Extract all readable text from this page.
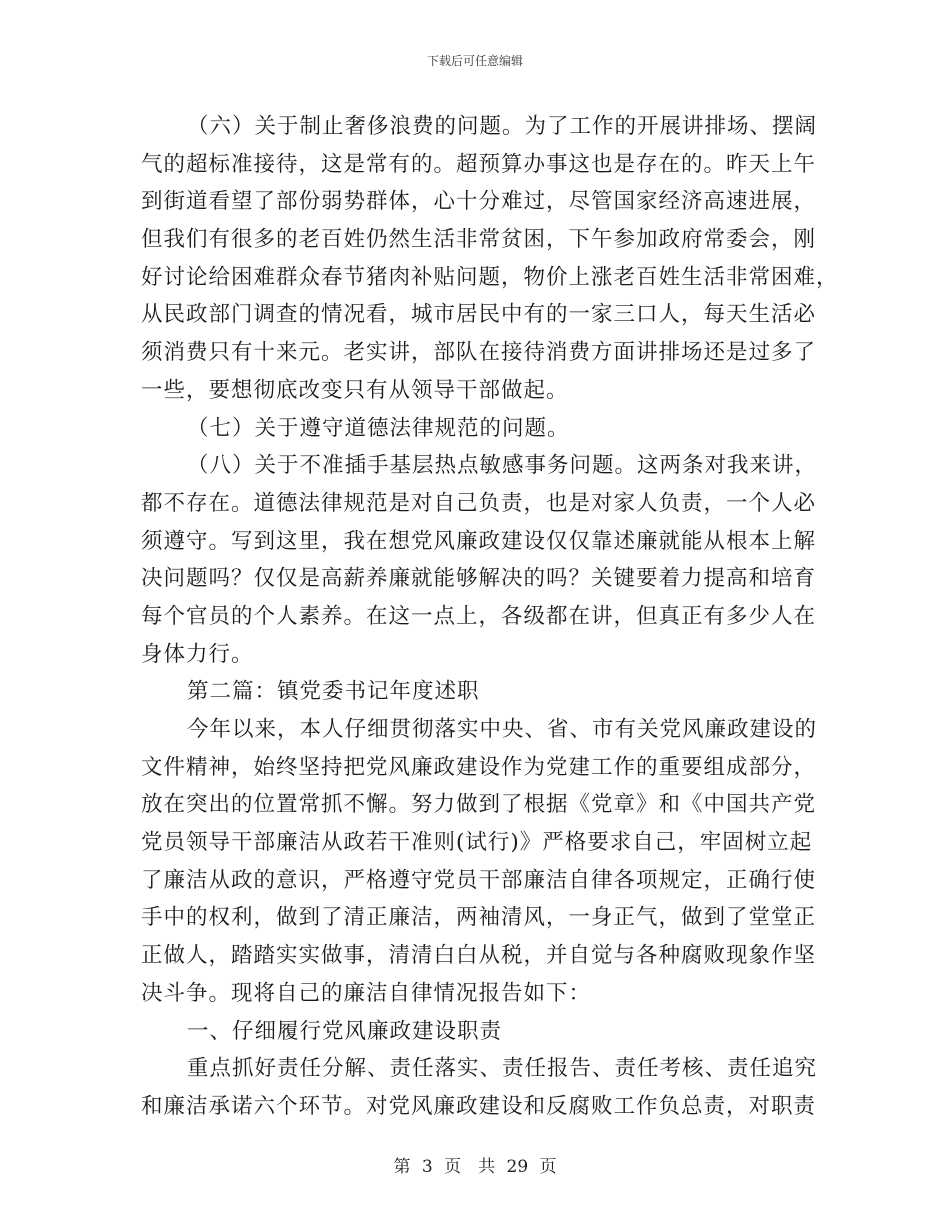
下载后可任意编辑
（六）关于制止奢侈浪费的问题。为了工作的开展讲排场、摆阔
气的超标准接待，这是常有的。超预算办事这也是存在的。昨天上午
到街道看望了部份弱势群体，心十分难过，尽管国家经济高速进展，
但我们有很多的老百姓仍然生活非常贫困，下午参加政府常委会，刚
好讨论给困难群众春节猪肉补贴问题，物价上涨老百姓生活非常困难，
从民政部门调查的情况看，城市居民中有的一家三口人，每天生活必
须消费只有十来元。老实讲，部队在接待消费方面讲排场还是过多了
一些，要想彻底改变只有从领导干部做起。
（七）关于遵守道德法律规范的问题。
（八）关于不准插手基层热点敏感事务问题。这两条对我来讲，
都不存在。道德法律规范是对自己负责，也是对家人负责，一个人必
须遵守。写到这里，我在想党风廉政建设仅仅靠述廉就能从根本上解
决问题吗？仅仅是高薪养廉就能够解决的吗？关键要着力提高和培育
每个官员的个人素养。在这一点上，各级都在讲，但真正有多少人在
身体力行。
第二篇：镇党委书记年度述职
今年以来，本人仔细贯彻落实中央、省、市有关党风廉政建设的
文件精神，始终坚持把党风廉政建设作为党建工作的重要组成部分，
放在突出的位置常抓不懈。努力做到了根据《党章》和《中国共产党
党员领导干部廉洁从政若干准则(试行)》严格要求自己，牢固树立起
了廉洁从政的意识，严格遵守党员干部廉洁自律各项规定，正确行使
手中的权利，做到了清正廉洁，两袖清风，一身正气，做到了堂堂正
正做人，踏踏实实做事，清清白白从税，并自觉与各种腐败现象作坚
决斗争。现将自己的廉洁自律情况报告如下：
一、仔细履行党风廉政建设职责
重点抓好责任分解、责任落实、责任报告、责任考核、责任追究
和廉洁承诺六个环节。对党风廉政建设和反腐败工作负总责，对职责
第 3 页　共 29 页
